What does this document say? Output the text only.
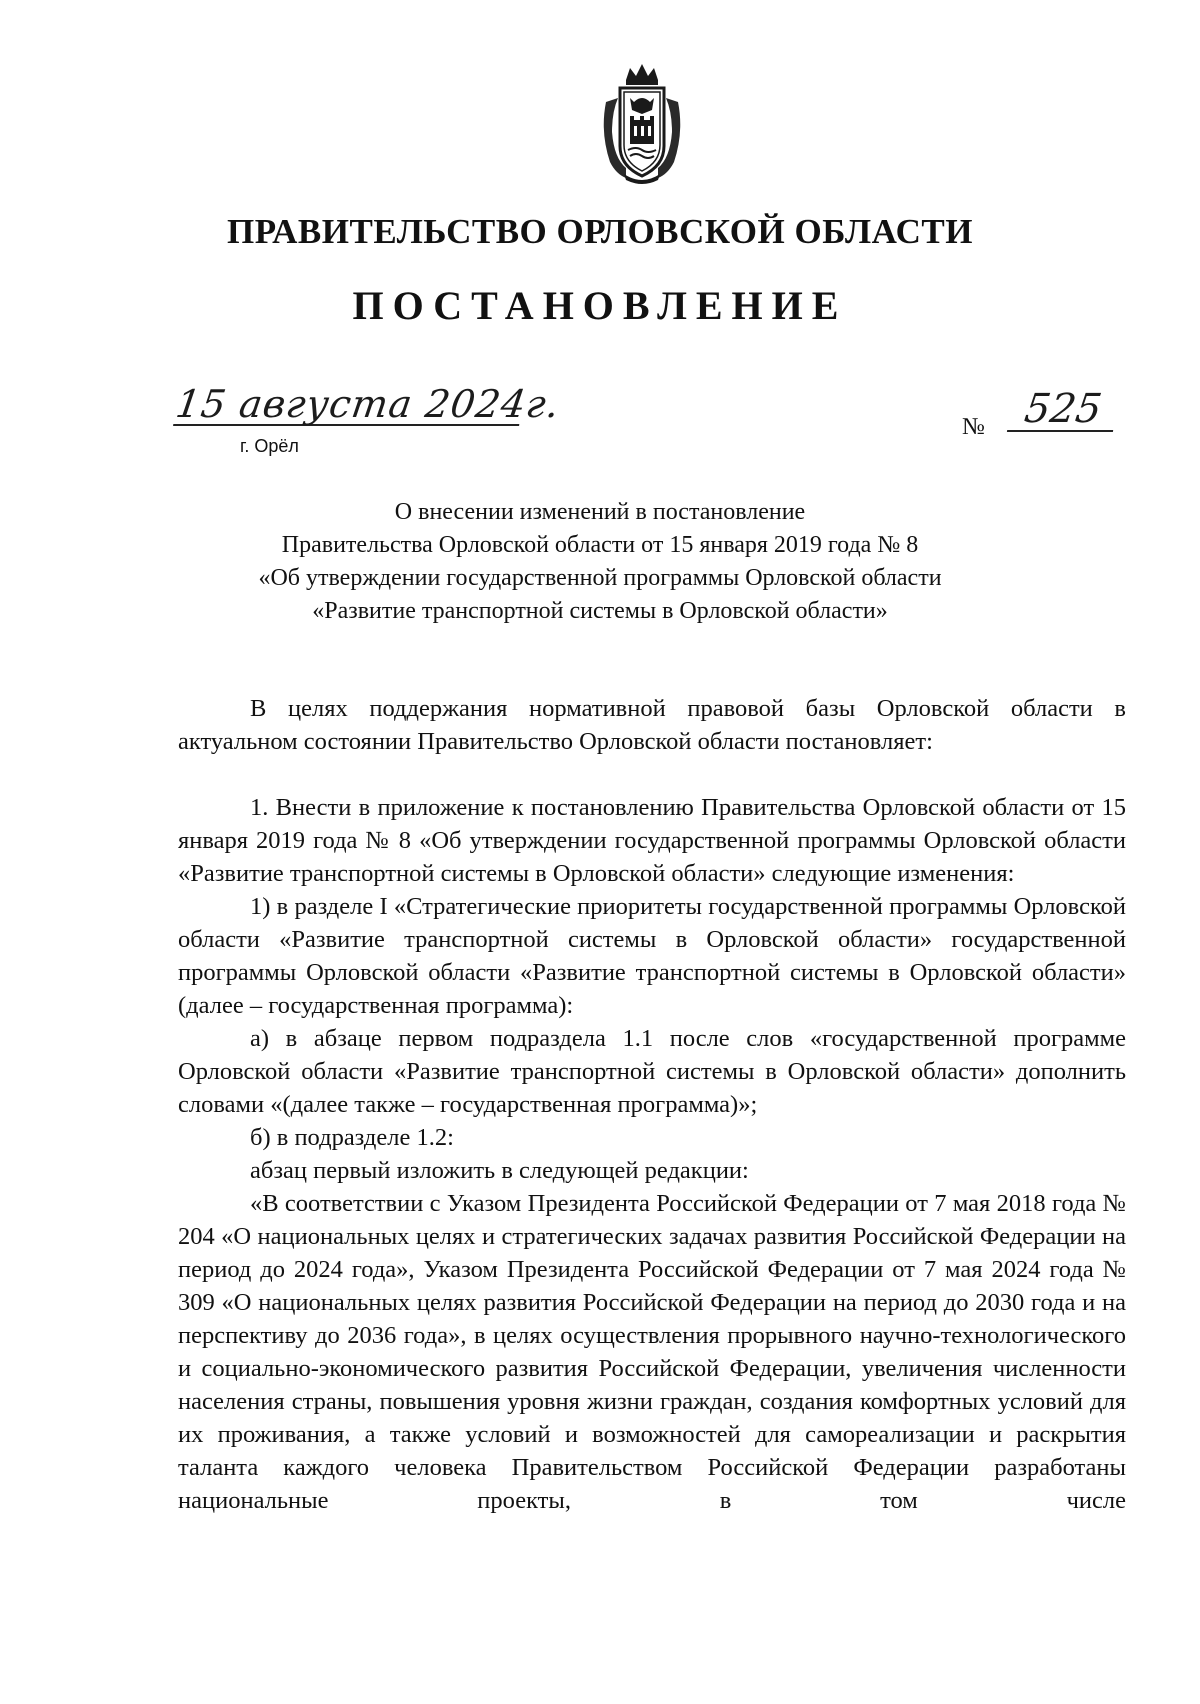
ПРАВИТЕЛЬСТВО ОРЛОВСКОЙ ОБЛАСТИ
ПОСТАНОВЛЕНИЕ
15 августа 2024г.
г. Орёл
№ 525
О внесении изменений в постановление
Правительства Орловской области от 15 января 2019 года № 8
«Об утверждении государственной программы Орловской области
«Развитие транспортной системы в Орловской области»

В целях поддержания нормативной правовой базы Орловской области в актуальном состоянии Правительство Орловской области постановляет:

1. Внести в приложение к постановлению Правительства Орловской области от 15 января 2019 года № 8 «Об утверждении государственной программы Орловской области «Развитие транспортной системы в Орловской области» следующие изменения:

1) в разделе I «Стратегические приоритеты государственной программы Орловской области «Развитие транспортной системы в Орловской области» государственной программы Орловской области «Развитие транспортной системы в Орловской области» (далее – государственная программа):

а) в абзаце первом подраздела 1.1 после слов «государственной программе Орловской области «Развитие транспортной системы в Орловской области» дополнить словами «(далее также – государственная программа)»;

б) в подразделе 1.2:

абзац первый изложить в следующей редакции:

«В соответствии с Указом Президента Российской Федерации от 7 мая 2018 года № 204 «О национальных целях и стратегических задачах развития Российской Федерации на период до 2024 года», Указом Президента Российской Федерации от 7 мая 2024 года № 309 «О национальных целях развития Российской Федерации на период до 2030 года и на перспективу до 2036 года», в целях осуществления прорывного научно-технологического и социально-экономического развития Российской Федерации, увеличения численности населения страны, повышения уровня жизни граждан, создания комфортных условий для их проживания, а также условий и возможностей для самореализации и раскрытия таланта каждого человека Правительством Российской Федерации разработаны национальные проекты, в том числе
